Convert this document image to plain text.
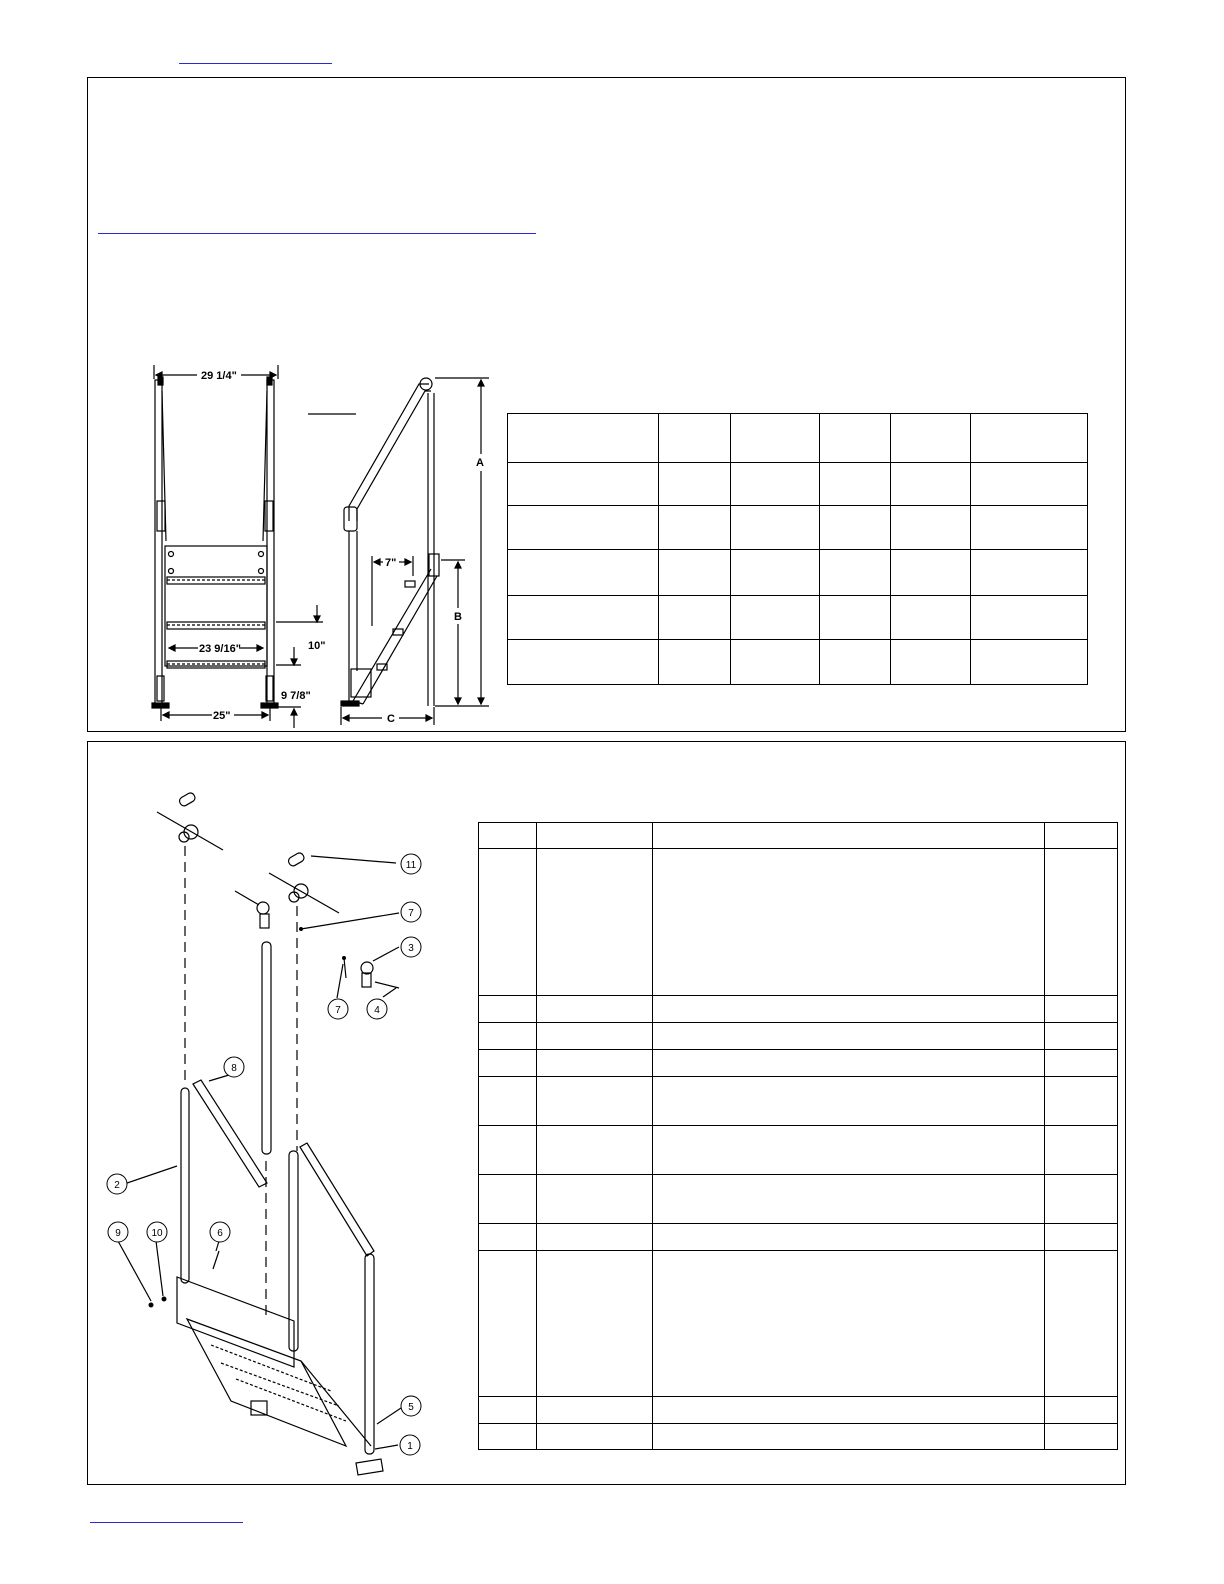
29 1/4"
23 9/16"
25"
10"
9 7/8"
7"
A
B
C

11
7
3
7	4
8
2
9	10	6
5
1
